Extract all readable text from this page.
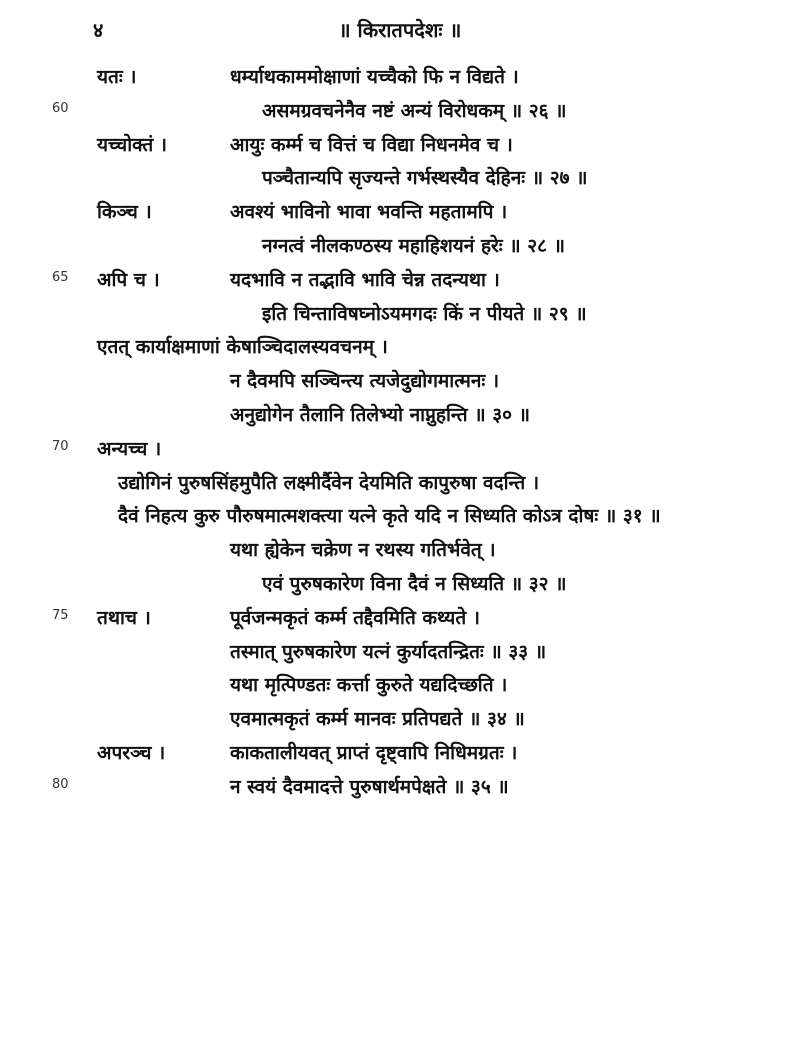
४	॥ किरातपदेशः ॥
यतः ।	धर्म्याथकाममोक्षाणां यच्चैको फि न विद्यते ।
60	असमग्रवचनेनैव नष्टं अन्यं विरोधकम् ॥ २६ ॥
यच्चोक्तं ।	आयुः कर्म्म च वित्तं च विद्या निधनमेव च ।
पञ्चैतान्यपि सृज्यन्ते गर्भस्थस्यैव देहिनः ॥ २७ ॥
किञ्च ।	अवश्यं भाविनो भावा भवन्ति महतामपि ।
नग्नत्वं नीलकण्ठस्य महाहिशयनं हरेः ॥ २८ ॥
65 अपि च ।	यदभावि न तद्भावि भावि चेन्न तदन्यथा ।
इति चिन्ताविषघ्नोऽयमगदः किं न पीयते ॥ २९ ॥
एतत् कार्याक्षमाणां केषाञ्चिदालस्यवचनम् ।
न दैवमपि सञ्चिन्त्य त्यजेदुद्योगमात्मनः ।
अनुद्योगेन तैलानि तिलेभ्यो नाप्नुहन्ति ॥ ३० ॥
70 अन्यच्च ।
उद्योगिनं पुरुषसिंहमुपैति लक्ष्मीर्दैवेन देयमिति कापुरुषा वदन्ति ।
दैवं निहत्य कुरु पौरुषमात्मशक्त्या यत्ने कृते यदि न सिध्यति कोऽत्र दोषः ॥ ३१ ॥
यथा ह्येकेन चक्रेण न रथस्य गतिर्भवेत् ।
एवं पुरुषकारेण विना दैवं न सिध्यति ॥ ३२ ॥
75 तथाच ।	पूर्वजन्मकृतं कर्म्म तद्दैवमिति कथ्यते ।
तस्मात् पुरुषकारेण यत्नं कुर्यादतन्द्रितः ॥ ३३ ॥
यथा मृत्पिण्डतः कर्त्ता कुरुते यद्यदिच्छति ।
एवमात्मकृतं कर्म्म मानवः प्रतिपद्यते ॥ ३४ ॥
अपरञ्च ।	काकतालीयवत् प्राप्तं दृष्ट्वापि निधिमग्रतः ।
80	न स्वयं दैवमादत्ते पुरुषार्थमपेक्षते ॥ ३५ ॥
